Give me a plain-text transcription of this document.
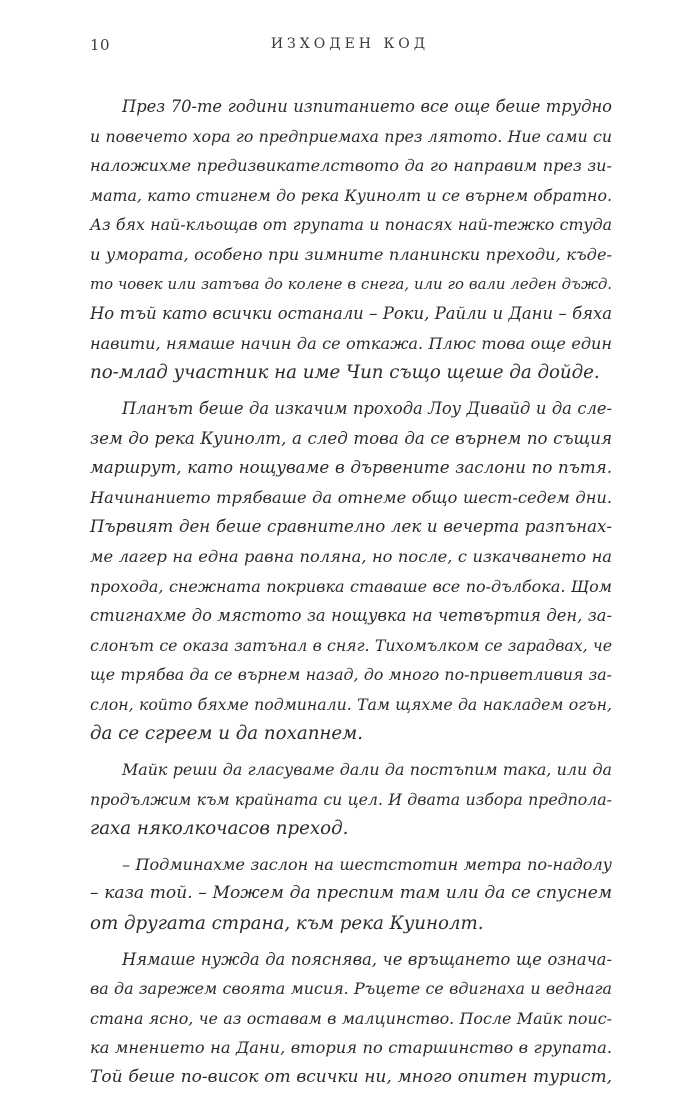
10	ИЗХОДЕН КОД
През 70-те години изпитанието все още беше трудно
и повечето хора го предприемаха през лятото. Ние сами си
наложихме предизвикателството да го направим през зи-
мата, като стигнем до река Куинолт и се върнем обратно.
Аз бях най-кльощав от групата и понасях най-тежко студа
и умората, особено при зимните планински преходи, къде-
то човек или затъва до колене в снега, или го вали леден дъжд.
Но тъй като всички останали – Роки, Райли и Дани – бяха
навити, нямаше начин да се откажа. Плюс това още един
по-млад участник на име Чип също щеше да дойде.
Планът беше да изкачим прохода Лоу Дивайд и да сле-
зем до река Куинолт, а след това да се върнем по същия
маршрут, като нощуваме в дървените заслони по пътя.
Начинанието трябваше да отнеме общо шест-седем дни.
Първият ден беше сравнително лек и вечерта разпънах-
ме лагер на една равна поляна, но после, с изкачването на
прохода, снежната покривка ставаше все по-дълбока. Щом
стигнахме до мястото за нощувка на четвъртия ден, за-
слонът се оказа затънал в сняг. Тихомълком се зарадвах, че
ще трябва да се върнем назад, до много по-приветливия за-
слон, който бяхме подминали. Там щяхме да накладем огън,
да се сгреем и да похапнем.
Майк реши да гласуваме дали да постъпим така, или да
продължим към крайната си цел. И двата избора предпола-
гаха няколкочасов преход.
– Подминахме заслон на шестстотин метра по-надолу
– каза той. – Можем да преспим там или да се спуснем
от другата страна, към река Куинолт.
Нямаше нужда да пояснява, че връщането ще означа-
ва да зарежем своята мисия. Ръцете се вдигнаха и веднага
стана ясно, че аз оставам в малцинство. После Майк поис-
ка мнението на Дани, втория по старшинство в групата.
Той беше по-висок от всички ни, много опитен турист,
